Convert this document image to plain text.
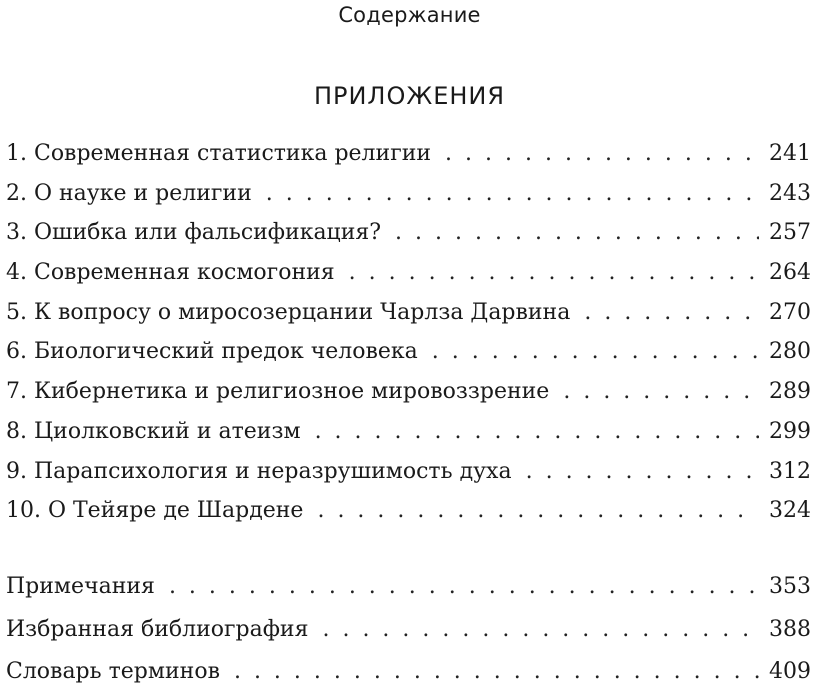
Содержание
ПРИЛОЖЕНИЯ
1. Современная статистика религии . . .	241
2. О науке и религии . . .	243
3. Ошибка или фальсификация? . . .	257
4. Современная космогония . . .	264
5. К вопросу о миросозерцании Чарлза Дарвина . . .	270
6. Биологический предок человека . . .	280
7. Кибернетика и религиозное мировоззрение . . .	289
8. Циолковский и атеизм . . .	299
9. Парапсихология и неразрушимость духа . . .	312
10. О Тейяре де Шардене . . .	324
Примечания . . .	353
Избранная библиография . . .	388
Словарь терминов . . .	409
